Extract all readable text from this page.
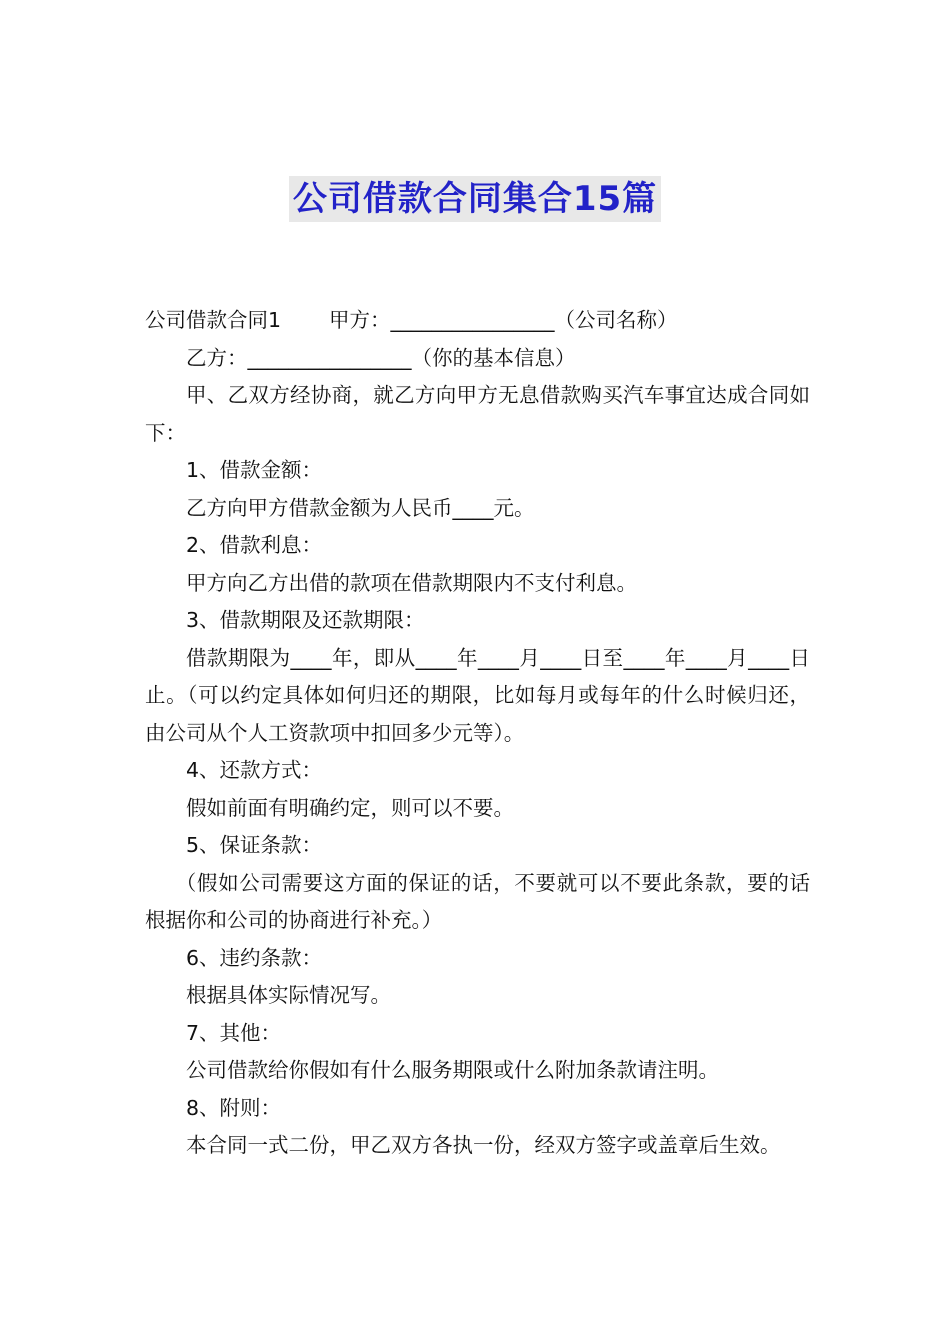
公司借款合同集合15篇

公司借款合同1 甲方：________________（公司名称）

乙方：________________（你的基本信息）

甲、乙双方经协商，就乙方向甲方无息借款购买汽车事宜达成合同如下：

1、借款金额：

乙方向甲方借款金额为人民币____元。

2、借款利息：

甲方向乙方出借的款项在借款期限内不支付利息。

3、借款期限及还款期限：

借款期限为____年，即从____年____月____日至____年____月____日止。（可以约定具体如何归还的期限，比如每月或每年的什么时候归还，由公司从个人工资款项中扣回多少元等）。

4、还款方式：

假如前面有明确约定，则可以不要。

5、保证条款：

（假如公司需要这方面的保证的话，不要就可以不要此条款，要的话根据你和公司的协商进行补充。）

6、违约条款：

根据具体实际情况写。

7、其他：

公司借款给你假如有什么服务期限或什么附加条款请注明。

8、附则：

本合同一式二份，甲乙双方各执一份，经双方签字或盖章后生效。
